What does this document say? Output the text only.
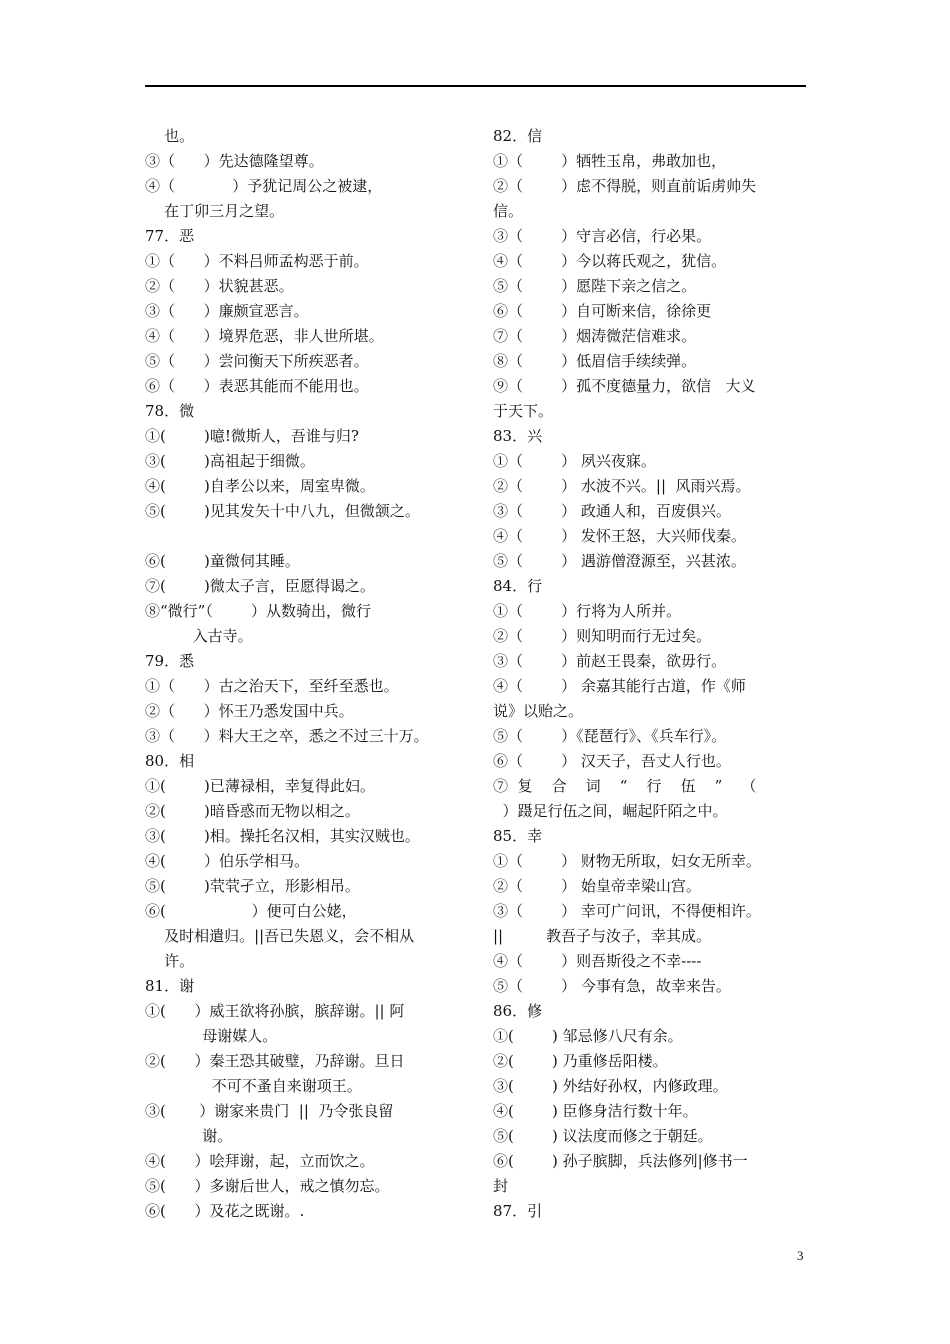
也。
③（      ）先达德隆望尊。
④（            ）予犹记周公之被逮，
在丁卯三月之望。
77．恶
①（      ）不料吕师孟构恶于前。
②（      ）状貌甚恶。
③（      ）廉颇宣恶言。
④（      ）境界危恶，非人世所堪。
⑤（      ）尝问衡天下所疾恶者。
⑥（      ）表恶其能而不能用也。
78．微
①(        )噫!微斯人，吾谁与归?
③(        )高祖起于细微。
④(        )自孝公以来，周室卑微。
⑤(        )见其发矢十中八九，但微颔之。
⑥(        )童微伺其睡。
⑦(        )微太子言，臣愿得谒之。
⑧“微行”（        ）从数骑出，微行
入古寺。
79．悉
①（      ）古之治天下，至纤至悉也。
②（      ）怀王乃悉发国中兵。
③（      ）料大王之卒，悉之不过三十万。
80．相
①(        )已薄禄相，幸复得此妇。
②(        )暗昏惑而无物以相之。
③(        )相。操托名汉相，其实汉贼也。
④(        ）伯乐学相马。
⑤(        )茕茕孑立，形影相吊。
⑥(                  ）便可白公姥，
及时相遣归。||吾已失恩义，会不相从
许。
81．谢
①(      ）威王欲将孙膑，膑辞谢。|| 阿
母谢媒人。
②(      ）秦王恐其破璧，乃辞谢。旦日
不可不蚤自来谢项王。
③(       ）谢家来贵门  ||  乃令张良留
谢。
④(      ）哙拜谢，起，立而饮之。
⑤(      ）多谢后世人，戒之慎勿忘。
⑥(      ）及花之既谢。.
82．信
①（        ）牺牲玉帛，弗敢加也，
②（        ）虑不得脱，则直前诟虏帅失
信。
③（        ）守言必信，行必果。
④（        ）今以蒋氏观之，犹信。
⑤（        ）愿陛下亲之信之。
⑥（        ）自可断来信，徐徐更
⑦（        ）烟涛微茫信难求。
⑧（        ）低眉信手续续弹。
⑨（        ）孤不度德量力，欲信   大义
于天下。
83．兴
①（        ） 夙兴夜寐。
②（        ） 水波不兴。||  风雨兴焉。
③（        ） 政通人和，百废俱兴。
④（        ） 发怀王怒，大兴师伐秦。
⑤（        ） 遇游僧澄源至，兴甚浓。
84．行
①（        ）行将为人所并。
②（        ）则知明而行无过矣。
③（        ）前赵王畏秦，欲毋行。
④（        ） 余嘉其能行古道，作《师
说》以贻之。
⑤（        ）《琵琶行》、《兵车行》。
⑥（        ） 汉天子，吾丈人行也。
⑦  复    合    词    “    行    伍    ”    （
）蹑足行伍之间，崛起阡陌之中。
85．幸
①（        ） 财物无所取，妇女无所幸。
②（        ） 始皇帝幸梁山宫。
③（        ） 幸可广问讯，不得便相许。
||         教吾子与汝子，幸其成。
④（        ）则吾斯役之不幸----
⑤（        ） 今事有急，故幸来告。
86．修
①(        ) 邹忌修八尺有余。
②(        ) 乃重修岳阳楼。
③(        ) 外结好孙权，内修政理。
④(        ) 臣修身洁行数十年。
⑤(        ) 议法度而修之于朝廷。
⑥(        ) 孙子膑脚，兵法修列|修书一
封
87．引
3
